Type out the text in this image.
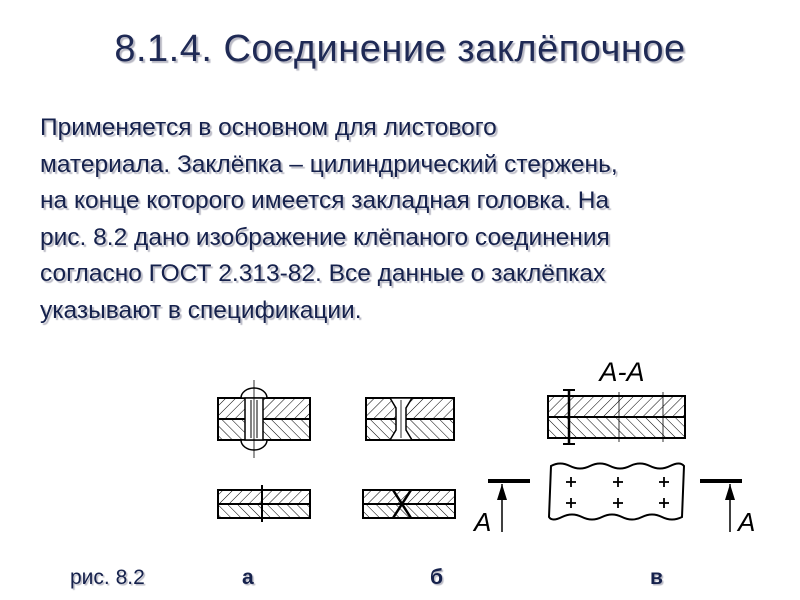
8.1.4. Соединение заклёпочное

Применяется в основном для листового
материала. Заклёпка – цилиндрический стержень,
на конце которого имеется закладная головка. На
рис. 8.2 дано изображение клёпаного соединения
согласно ГОСТ 2.313-82. Все данные о заклёпках
указывают в спецификации.

А-А
А	А
рис. 8.2	а	б	в
